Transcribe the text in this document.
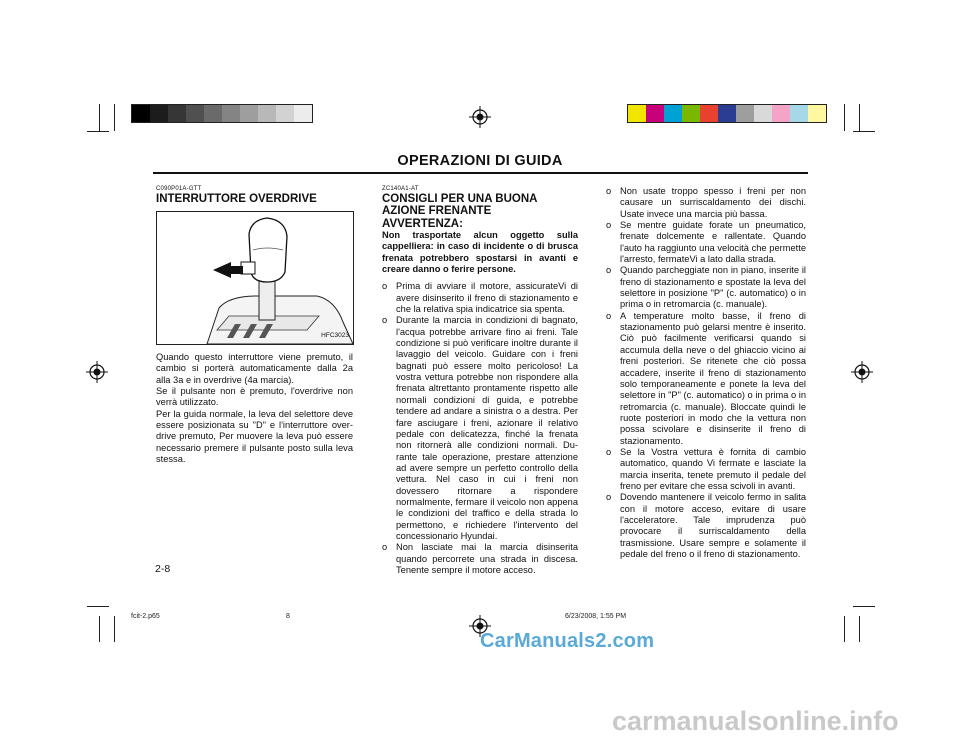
OPERAZIONI DI GUIDA
C090P01A-GTT
INTERRUTTORE OVERDRIVE
HFC3023
Quando questo interruttore viene premuto, il cambio si porterà automaticamente dalla 2a alla 3a e in overdrive (4a marcia).
Se il pulsante non è premuto, l'overdrive non verrà utilizzato.
Per la guida normale, la leva del selettore deve essere posizionata su "D" e l'interruttore over-drive premuto, Per muovere la leva può essere necessario premere il pulsante posto sulla leva stessa.
ZC140A1-AT
CONSIGLI PER UNA BUONA AZIONE FRENANTE
AVVERTENZA:
Non trasportate alcun oggetto sulla cappelliera: in caso di incidente o di brusca frenata potrebbero spostarsi in avanti e creare danno o ferire persone.
o Prima di avviare il motore, assicurateVi di avere disinserito il freno di stazionamento e che la relativa spia indicatrice sia spenta.
o Durante la marcia in condizioni di bagnato, l'acqua potrebbe arrivare fino ai freni. Tale condizione si può verificare inoltre durante il lavaggio del veicolo. Guidare con i freni bagnati può essere molto pericoloso! La vostra vettura potrebbe non rispondere alla frenata altrettanto prontamente rispetto alle normali condizioni di guida, e potrebbe tendere ad andare a sinistra o a destra. Per fare asciugare i freni, azionare il relativo pedale con delicatezza, finché la frenata non ritornerà alle condizioni normali. Du-rante tale operazione, prestare attenzione ad avere sempre un perfetto controllo della vettura. Nel caso in cui i freni non dovessero ritornare a rispondere normalmente, fermare il veicolo non appena le condizioni del traffico e della strada lo permettono, e richiedere l'intervento del concessionario Hyundai.
o Non lasciate mai la marcia disinserita quando percorrete una strada in discesa. Tenente sempre il motore acceso.
o Non usate troppo spesso i freni per non causare un surriscaldamento dei dischi. Usate invece una marcia più bassa.
o Se mentre guidate forate un pneumatico, frenate dolcemente e rallentate. Quando l'auto ha raggiunto una velocità che permette l'arresto, fermateVi a lato dalla strada.
o Quando parcheggiate non in piano, inserite il freno di stazionamento e spostate la leva del selettore in posizione "P" (c. automatico) o in prima o in retromarcia (c. manuale).
o A temperature molto basse, il freno di stazionamento può gelarsi mentre è inserito. Ciò può facilmente verificarsi quando si accumula della neve o del ghiaccio vicino ai freni posteriori. Se ritenete che ciò possa accadere, inserite il freno di stazionamento solo temporaneamente e ponete la leva del selettore in "P" (c. automatico) o in prima o in retromarcia (c. manuale). Bloccate quindi le ruote posteriori in modo che la vettura non possa scivolare e disinserite il freno di stazionamento.
o Se la Vostra vettura è fornita di cambio automatico, quando Vi fermate e lasciate la marcia inserita, tenete premuto il pedale del freno per evitare che essa scivoli in avanti.
o Dovendo mantenere il veicolo fermo in salita con il motore acceso, evitare di usare l'acceleratore. Tale imprudenza può provocare il surriscaldamento della trasmissione. Usare sempre e solamente il pedale del freno o il freno di stazionamento.
2-8
fcit-2.p65	8	6/23/2008, 1:55 PM
CarManuals2.com
carmanualsonline.info
